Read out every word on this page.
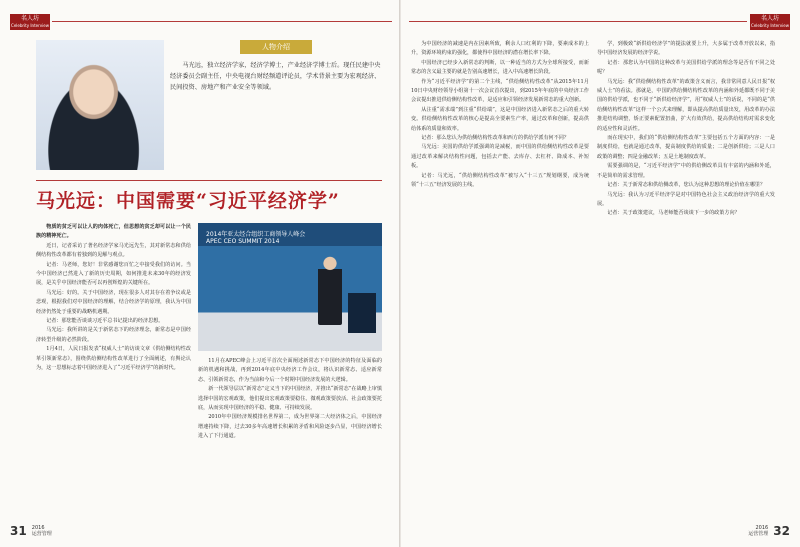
名人坊
Celebrity Interview
人物介绍
马光远，独立经济学家，经济学博士，产业经济学博士后。现任民建中央经济委员会副主任，中央电视台财经频道评论员，学术背景主要为宏观经济、民间投资、房地产和产业安全等领域。
马光远：中国需要“习近平经济学”

物质的贫乏可以让人的肉体死亡，但思想的贫乏却可以让一个民族的精神死亡。

近日，记者采访了著名经济学家马光远先生，其对新常态和供给侧结构性改革都有着独到的见解与观点。

记者：马老师，您好！非常感谢您百忙之中接受我们的访问。当今中国经济已然进入了新的历史周期，如何推进未来30年的经济发展，是关乎中国经济能否可以再创辉煌的关键所在。

马光远：好的。关于中国经济，现在很多人对其存在着争议或是悲观，根据我们对中国经济的理解，结合经济学的原理，我认为中国经济仍然处于重要的战略机遇期。

记者：那您能否谈谈习近平总书记提出的经济思想。

马光远：我所讲的是关于新常态下的经济理念，新常态是中国经济转型升级的必然阶段。

1月4日，人民日报发表“权威人士”的访谈文章《供给侧结构性改革引领新常态》，围绕供给侧结构性改革进行了全面阐述，有舆论认为，这一思想标志着中国经济进入了“习近平经济学”的新时代。

2014年亚太经合组织工商领导人峰会
APEC CEO SUMMIT 2014

11月在APEC峰会上习近平首次全面阐述新常态下中国经济的特征及面临的新的机遇和挑战，再到2014年底中央经济工作会议，将认识新常态、适应新常态、引领新常态，作为当前和今后一个时期中国经济发展的大逻辑。

新一代领导层以“新常态”定义当下的中国经济，并推出“新常态”在战略上审慎选择中国的宏观政策，他们提出宏观政策要稳住、微观政策要放活、社会政策要托底，从而实现中国经济的平稳、健康、可持续发展。

2010年中国经济规模排名世界第二，成为世界第二大经济体之后，中国经济增速持续下降，过去30多年高速增长积累的矛盾和风险逐步凸显，中国经济增长进入了下行通道。

31 2016
运营管理
名人坊
Celebrity Interview

为中国经济的减速是内在因素所致，剩余人口红利的下降，要素成本的上升，资源环境约束的强化，都使得中国经济的潜在增长率下降。

中国经济已经步入新常态的判断，以一种适当的方式为全球所接受，而新常态的含义最主要的就是告别高速增长，进入中高速增长阶段。

作为“习近平经济学”的第二个主线，“供给侧结构性改革”从2015年11月10日中央财经领导小组第十一次会议首次提出，到2015年年底的中央经济工作会议提出推进供给侧结构性改革，是适应和引领经济发展新常态的重大创新。

从注重“需求端”到注重“供给端”，这是中国经济进入新常态之后的重大转变。供给侧结构性改革的核心是提高全要素生产率，通过改革和创新，提高供给体系的质量和效率。

记者：那么您认为供给侧结构性改革和西方的供给学派有何不同？

马光远：美国的供给学派强调的是减税，而中国的供给侧结构性改革是要通过改革来解决结构性问题，包括去产能、去库存、去杠杆、降成本、补短板。

记者：马光远，“供给侧结构性改革”被写入“十三五”规划纲要，成为统领“十三五”经济发展的主线。

学，到极致“新供给经济学”的提法就要上升，大多属于改革开放以来，指导中国经济发展的经济学说。

记者：那您认为中国的这种改革与美国供给学派的理念等是否有不同之处呢？

马光远：我“供给侧结构性改革”的政策含义而言，我非常同意人民日报“权威人士”的看法。那就是，中国的供给侧结构性改革的内涵和外延都既不同于美国的供给学派，也不同于“新供给经济学”，用“权威人士”的话说，不同的是“供给侧结构性改革”这样一个公式来理解，即从提高供给质量出发，用改革的办法推进结构调整，矫正要素配置扭曲，扩大有效供给，提高供给结构对需求变化的适应性和灵活性。

而在现实中，我们的“供给侧结构性改革”主要包括五个方面的内容：一是制度供给，也就是通过改革，提高制度供给的质量；二是创新供给；三是人口政策的调整；四是金融改革；五是土地制度改革。

需要强调的是，“习近平经济学”中的供给侧改革具有丰富的内涵和外延，不是简单的需求管理。

记者：关于新常态和供给侧改革，您认为这种思想的理论价值在哪里？

马光远：我认为习近平经济学是对中国特色社会主义政治经济学的重大发展。

记者：关于政策建议，马老师能否谈谈下一步的政策方向？

2016
运营管理 32
